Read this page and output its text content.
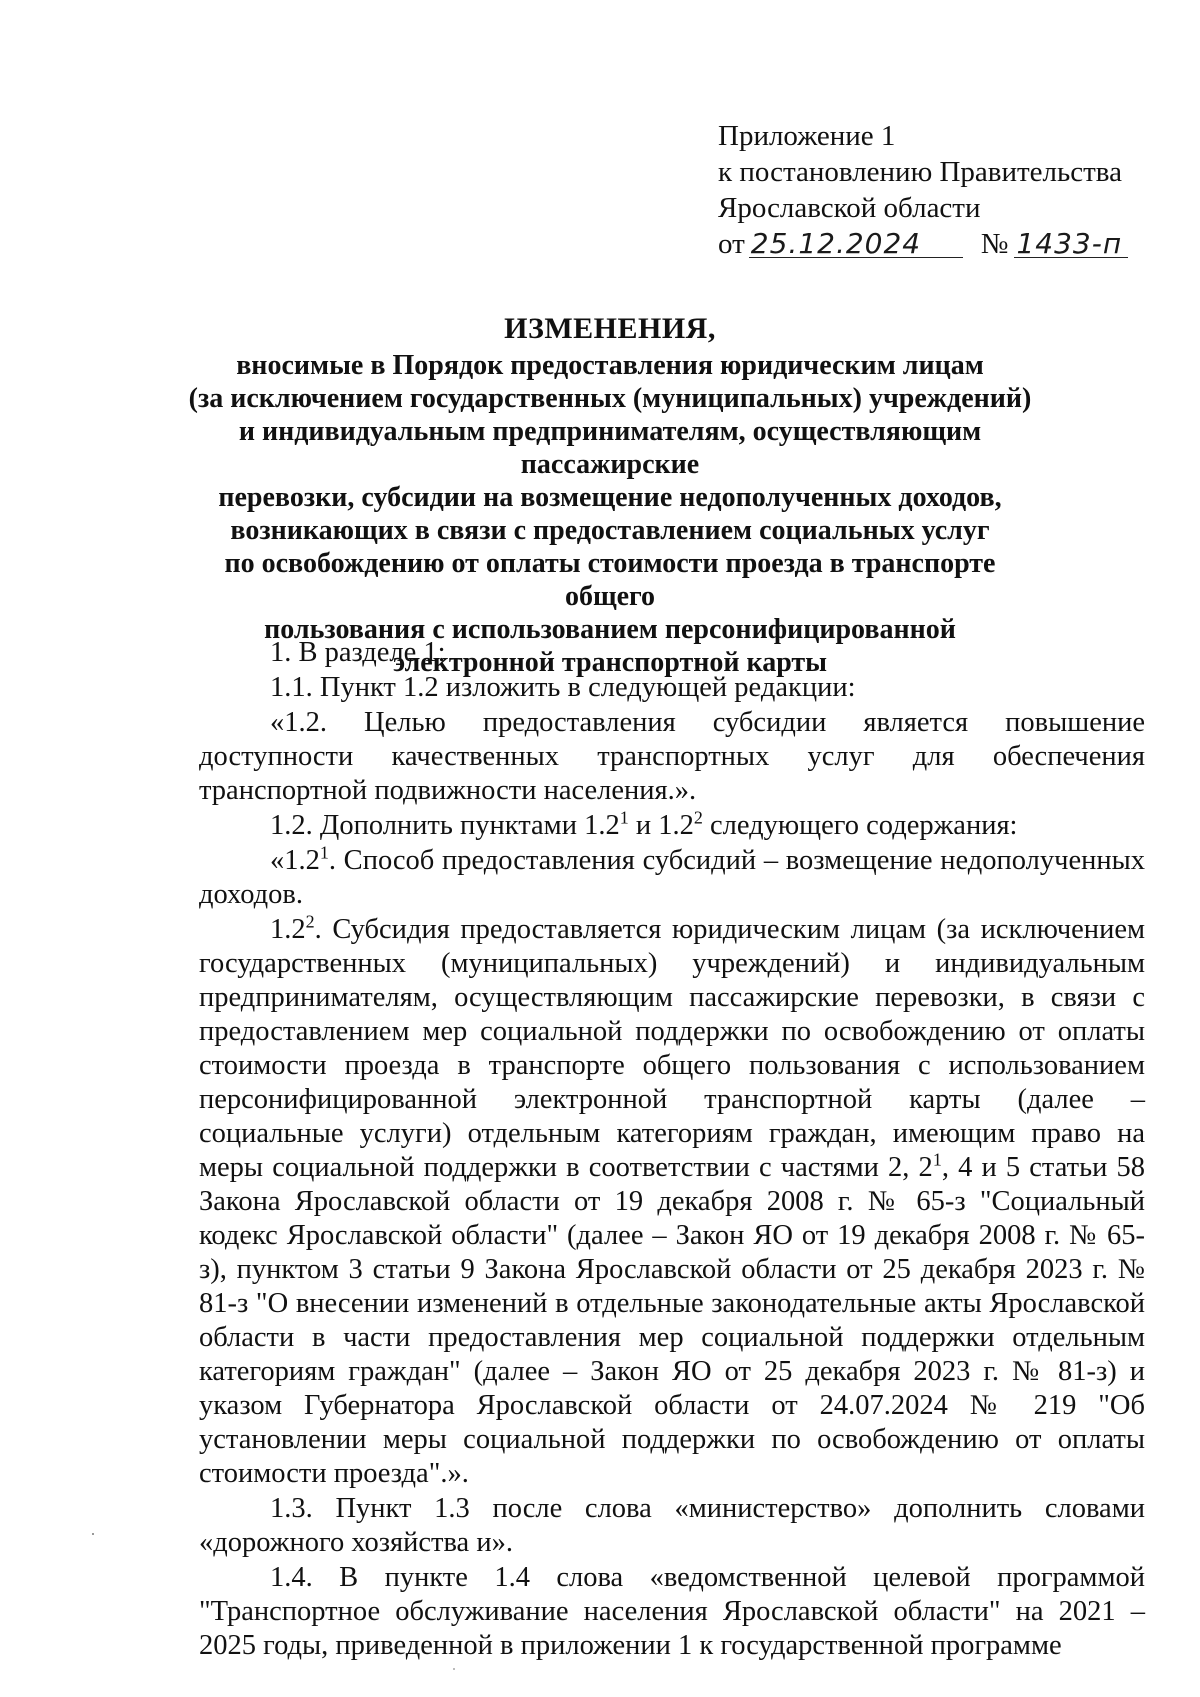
Приложение 1
к постановлению Правительства
Ярославской области
от 25.12.2024 № 1433-п
ИЗМЕНЕНИЯ,
вносимые в Порядок предоставления юридическим лицам
(за исключением государственных (муниципальных) учреждений)
и индивидуальным предпринимателям, осуществляющим пассажирские
перевозки, субсидии на возмещение недополученных доходов,
возникающих в связи с предоставлением социальных услуг
по освобождению от оплаты стоимости проезда в транспорте общего
пользования с использованием персонифицированной
электронной транспортной карты

1. В разделе 1:

1.1. Пункт 1.2 изложить в следующей редакции:

«1.2. Целью предоставления субсидии является повышение доступности качественных транспортных услуг для обеспечения транспортной подвижности населения.».

1.2. Дополнить пунктами $1.2^1$ и $1.2^2$ следующего содержания:

«$1.2^1$. Способ предоставления субсидий – возмещение недополученных доходов.

$1.2^2$. Субсидия предоставляется юридическим лицам (за исключением государственных (муниципальных) учреждений) и индивидуальным предпринимателям, осуществляющим пассажирские перевозки, в связи с предоставлением мер социальной поддержки по освобождению от оплаты стоимости проезда в транспорте общего пользования с использованием персонифицированной электронной транспортной карты (далее – социальные услуги) отдельным категориям граждан, имеющим право на меры социальной поддержки в соответствии с частями 2, $2^1$, 4 и 5 статьи 58 Закона Ярославской области от 19 декабря 2008 г. № 65-з "Социальный кодекс Ярославской области" (далее – Закон ЯО от 19 декабря 2008 г. № 65-з), пунктом 3 статьи 9 Закона Ярославской области от 25 декабря 2023 г. № 81-з "О внесении изменений в отдельные законодательные акты Ярославской области в части предоставления мер социальной поддержки отдельным категориям граждан" (далее – Закон ЯО от 25 декабря 2023 г. № 81-з) и указом Губернатора Ярославской области от 24.07.2024 № 219 "Об установлении меры социальной поддержки по освобождению от оплаты стоимости проезда".».

1.3. Пункт 1.3 после слова «министерство» дополнить словами «дорожного хозяйства и».

1.4. В пункте 1.4 слова «ведомственной целевой программой "Транспортное обслуживание населения Ярославской области" на 2021 – 2025 годы, приведенной в приложении 1 к государственной программе
